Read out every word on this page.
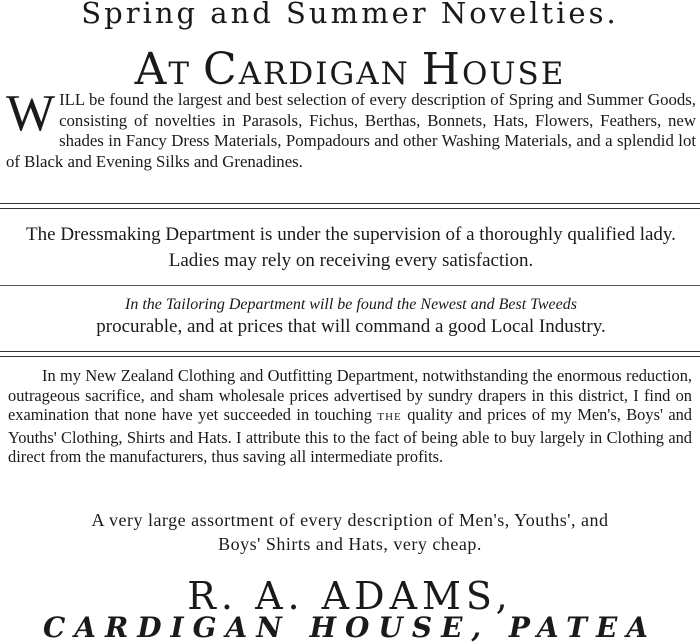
Spring and Summer Novelties.
AT CARDIGAN HOUSE

WILL be found the largest and best selection of every description of Spring and Summer Goods, consisting of novelties in Parasols, Fichus, Berthas, Bonnets, Hats, Flowers, Feathers, new shades in Fancy Dress Materials, Pompadours and other Washing Materials, and a splendid lot of Black and Evening Silks and Grenadines.

The Dressmaking Department is under the supervision of a thoroughly qualified lady. Ladies may rely on receiving every satisfaction.

In the Tailoring Department will be found the Newest and Best Tweeds

procurable, and at prices that will command a good Local Industry.

In my New Zealand Clothing and Outfitting Department, notwithstanding the enormous reduction, outrageous sacrifice, and sham wholesale prices advertised by sundry drapers in this district, I find on examination that none have yet succeeded in touching THE quality and prices of my Men's, Boys' and Youths' Clothing, Shirts and Hats. I attribute this to the fact of being able to buy largely in Clothing and direct from the manufacturers, thus saving all intermediate profits.

A very large assortment of every description of Men's, Youths', and
Boys' Shirts and Hats, very cheap.

R. A. ADAMS,
CARDIGAN HOUSE, PATEA
